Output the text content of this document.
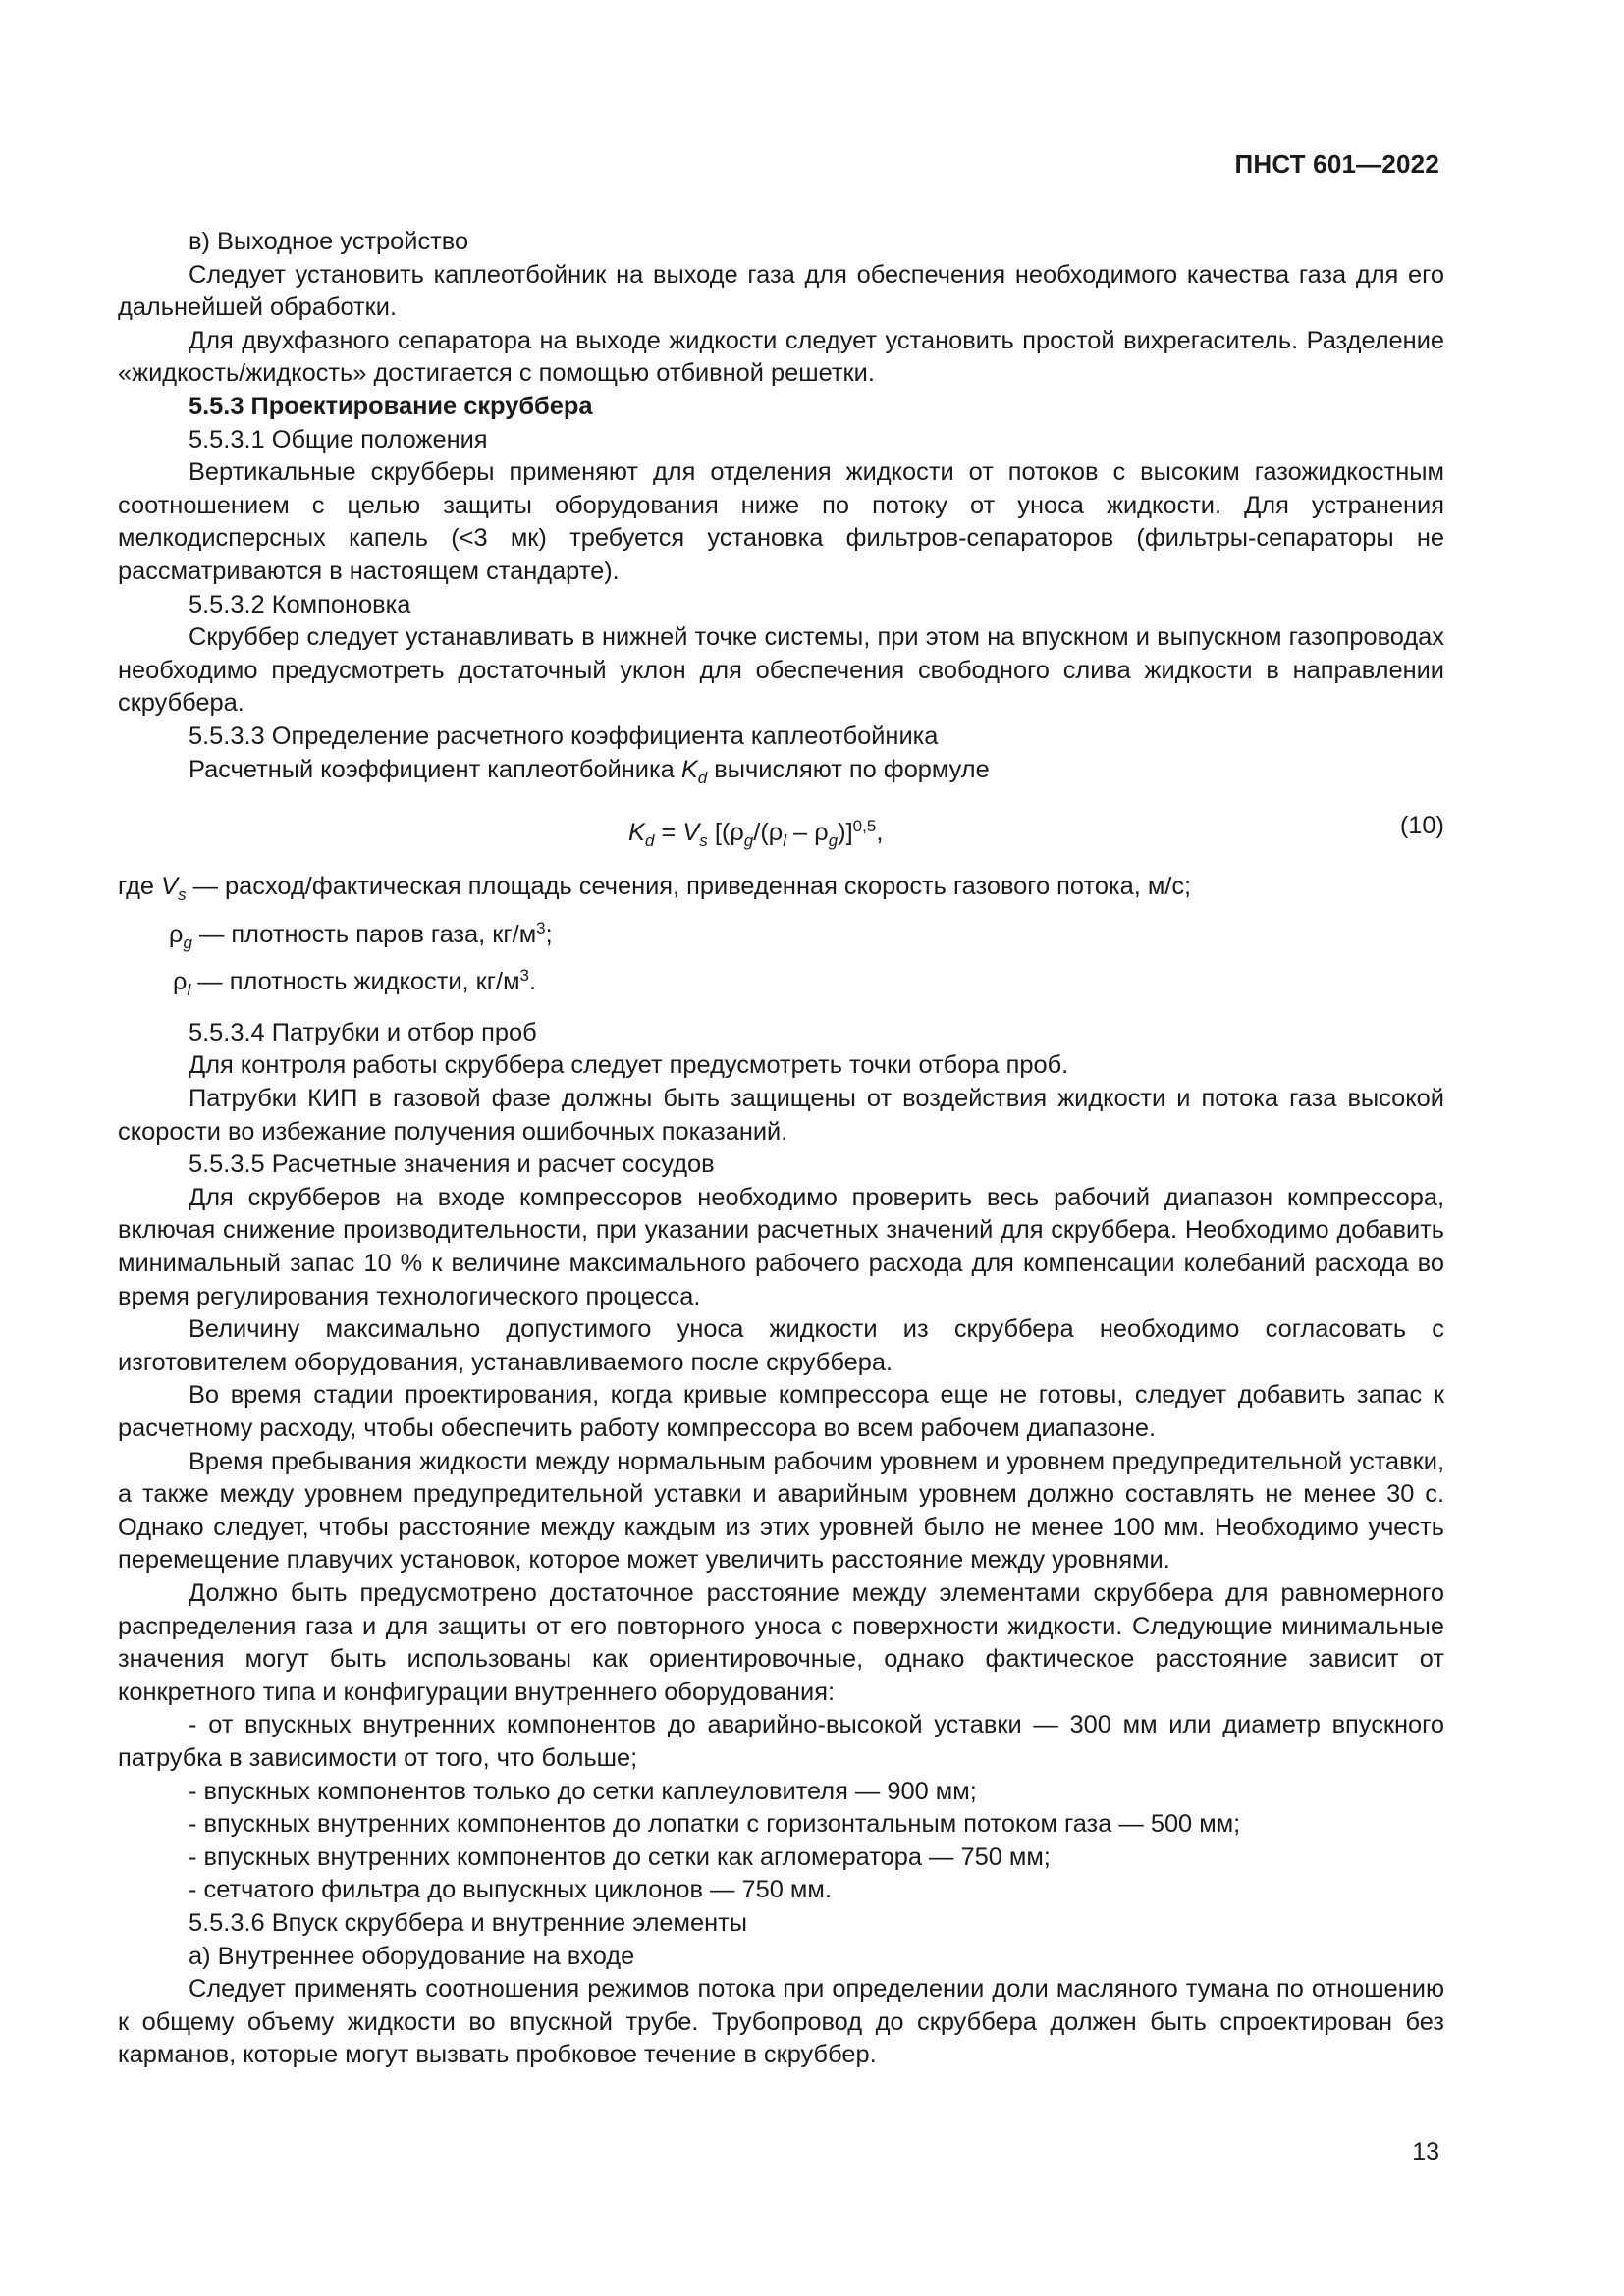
ПНСТ 601—2022

в) Выходное устройство

Следует установить каплеотбойник на выходе газа для обеспечения необходимого качества газа для его дальнейшей обработки.

Для двухфазного сепаратора на выходе жидкости следует установить простой вихрегаситель. Разделение «жидкость/жидкость» достигается с помощью отбивной решетки.

5.5.3 Проектирование скруббера

5.5.3.1 Общие положения

Вертикальные скрубберы применяют для отделения жидкости от потоков с высоким газожидкостным соотношением с целью защиты оборудования ниже по потоку от уноса жидкости. Для устранения мелкодисперсных капель (<3 мк) требуется установка фильтров-сепараторов (фильтры-сепараторы не рассматриваются в настоящем стандарте).

5.5.3.2 Компоновка

Скруббер следует устанавливать в нижней точке системы, при этом на впускном и выпускном газопроводах необходимо предусмотреть достаточный уклон для обеспечения свободного слива жидкости в направлении скруббера.

5.5.3.3 Определение расчетного коэффициента каплеотбойника

Расчетный коэффициент каплеотбойника $K_d$ вычисляют по формуле

$K_d = V_s$ [$(\rho_g/(\rho_l - \rho_g)]^{0,5}$,	(10)

где $V_s$ — расход/фактическая площадь сечения, приведенная скорость газового потока, м/с;

$\rho_g$ — плотность паров газа, $кг/м^3$;

$\rho_l$ — плотность жидкости, $кг/м^3$.

5.5.3.4 Патрубки и отбор проб

Для контроля работы скруббера следует предусмотреть точки отбора проб.

Патрубки КИП в газовой фазе должны быть защищены от воздействия жидкости и потока газа высокой скорости во избежание получения ошибочных показаний.

5.5.3.5 Расчетные значения и расчет сосудов

Для скрубберов на входе компрессоров необходимо проверить весь рабочий диапазон компрессора, включая снижение производительности, при указании расчетных значений для скруббера. Необходимо добавить минимальный запас 10 % к величине максимального рабочего расхода для компенсации колебаний расхода во время регулирования технологического процесса.

Величину максимально допустимого уноса жидкости из скруббера необходимо согласовать с изготовителем оборудования, устанавливаемого после скруббера.

Во время стадии проектирования, когда кривые компрессора еще не готовы, следует добавить запас к расчетному расходу, чтобы обеспечить работу компрессора во всем рабочем диапазоне.

Время пребывания жидкости между нормальным рабочим уровнем и уровнем предупредительной уставки, а также между уровнем предупредительной уставки и аварийным уровнем должно составлять не менее 30 с. Однако следует, чтобы расстояние между каждым из этих уровней было не менее 100 мм. Необходимо учесть перемещение плавучих установок, которое может увеличить расстояние между уровнями.

Должно быть предусмотрено достаточное расстояние между элементами скруббера для равномерного распределения газа и для защиты от его повторного уноса с поверхности жидкости. Следующие минимальные значения могут быть использованы как ориентировочные, однако фактическое расстояние зависит от конкретного типа и конфигурации внутреннего оборудования:

- от впускных внутренних компонентов до аварийно-высокой уставки — 300 мм или диаметр впускного патрубка в зависимости от того, что больше;

- впускных компонентов только до сетки каплеуловителя — 900 мм;

- впускных внутренних компонентов до лопатки с горизонтальным потоком газа — 500 мм;

- впускных внутренних компонентов до сетки как агломератора — 750 мм;

- сетчатого фильтра до выпускных циклонов — 750 мм.

5.5.3.6 Впуск скруббера и внутренние элементы

а) Внутреннее оборудование на входе

Следует применять соотношения режимов потока при определении доли масляного тумана по отношению к общему объему жидкости во впускной трубе. Трубопровод до скруббера должен быть спроектирован без карманов, которые могут вызвать пробковое течение в скруббер.

13
